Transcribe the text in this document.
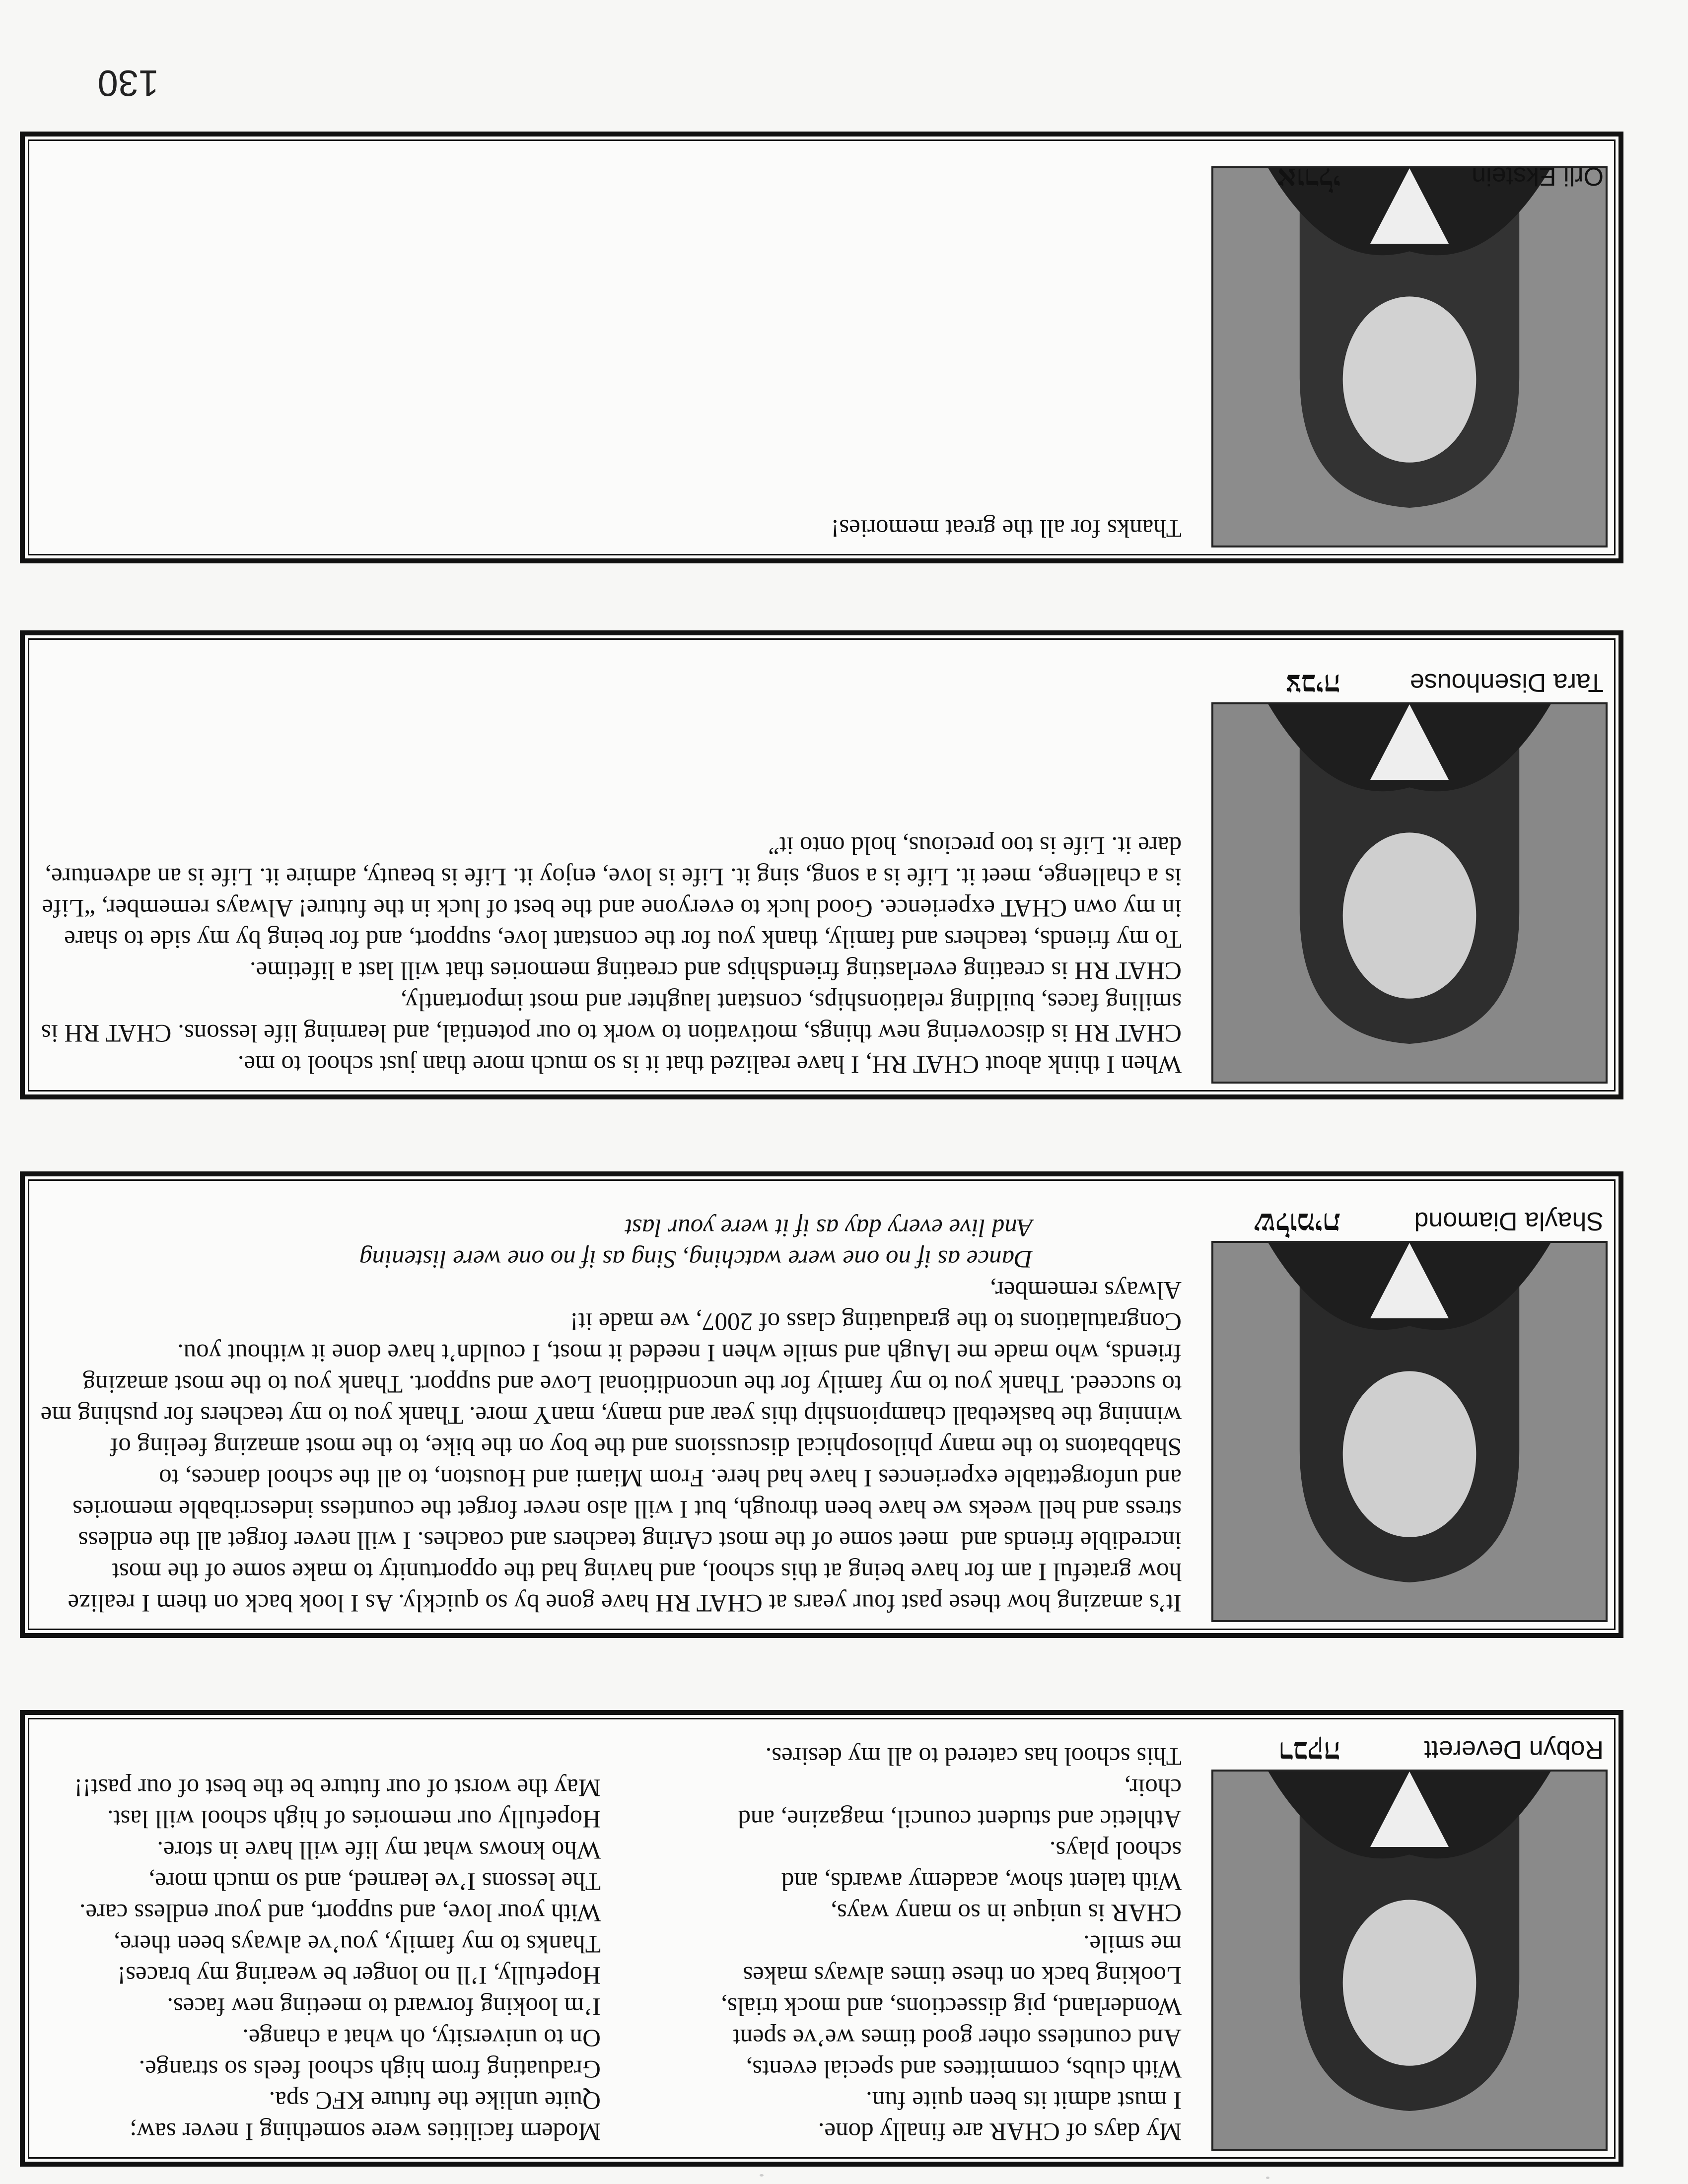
130
Robyn Deverett
רבקה

My days of CHAR are finally done.
I must admit its been quite fun.
With clubs, committees and special events,
And countless other good times we’ve spent
Wonderland, pig dissections, and mock trials,
Looking back on these times always makes
me smile.
CHAR is unique in so many ways,
With talent show, academy awards, and
school plays.
Athletic and student council, magazine, and
choir,
This school has catered to all my desires.

Modern facilities were something I never saw;
Quite unlike the future KFC spa.
Graduating from high school feels so strange.
On to university, oh what a change.
I’m looking forward to meeting new faces.
Hopefully, I’ll no longer be wearing my braces!
Thanks to my family, you’ve always been there,
With your love, and support, and your endless care.
The lessons I’ve learned, and so much more,
Who knows what my life will have in store.
Hopefully our memories of high school will last.
May the worst of our future be the best of our past!!

Shayla Diamond
שלומית

It’s amazing how these past four years at CHAT RH have gone by so quickly. As I look back on them I realize how grateful I am for have being at this school, and having had the opportunity to make some of the most incredible friends and  meet some of the most cAring teachers and coaches. I will never forget all the endless stress and hell weeks we have been through, but I will also never forget the countless indescribable memories and unforgettable experiences I have had here. From Miami and Houston, to all the school dances, to Shabbatons to the many philosophical discussions and the boy on the bike, to the most amazing feeling of winning the basketball championship this year and many, manY more. Thank you to my teachers for pushing me to succeed. Thank you to my family for the unconditional Love and support. Thank you to the most amazing friends, who made me lAugh and smile when I needed it most, I couldn’t have done it without you.  Congratulations to the graduating class of 2007, we made it!

Always remember,

Dance as if no one were watching, Sing as if no one were listening

And live every day as if it were your last

Tara Disenhouse
צביה

When I think about CHAT RH, I have realized that it is so much more than just school to me.

CHAT RH is discovering new things, motivation to work to our potential, and learning life lessons. CHAT RH is smiling faces, building relationships, constant laughter and most importantly,

CHAT RH is creating everlasting friendships and creating memories that will last a lifetime.

To my friends, teachers and family, thank you for the constant love, support, and for being by my side to share in my own CHAT experience. Good luck to everyone and the best of luck in the future! Always remember, “Life is a challenge, meet it. Life is a song, sing it. Life is love, enjoy it. Life is beauty, admire it. Life is an adventure, dare it. Life is too precious, hold onto it”

Orli Ekstein
אורלי

Thanks for all the great memories!
